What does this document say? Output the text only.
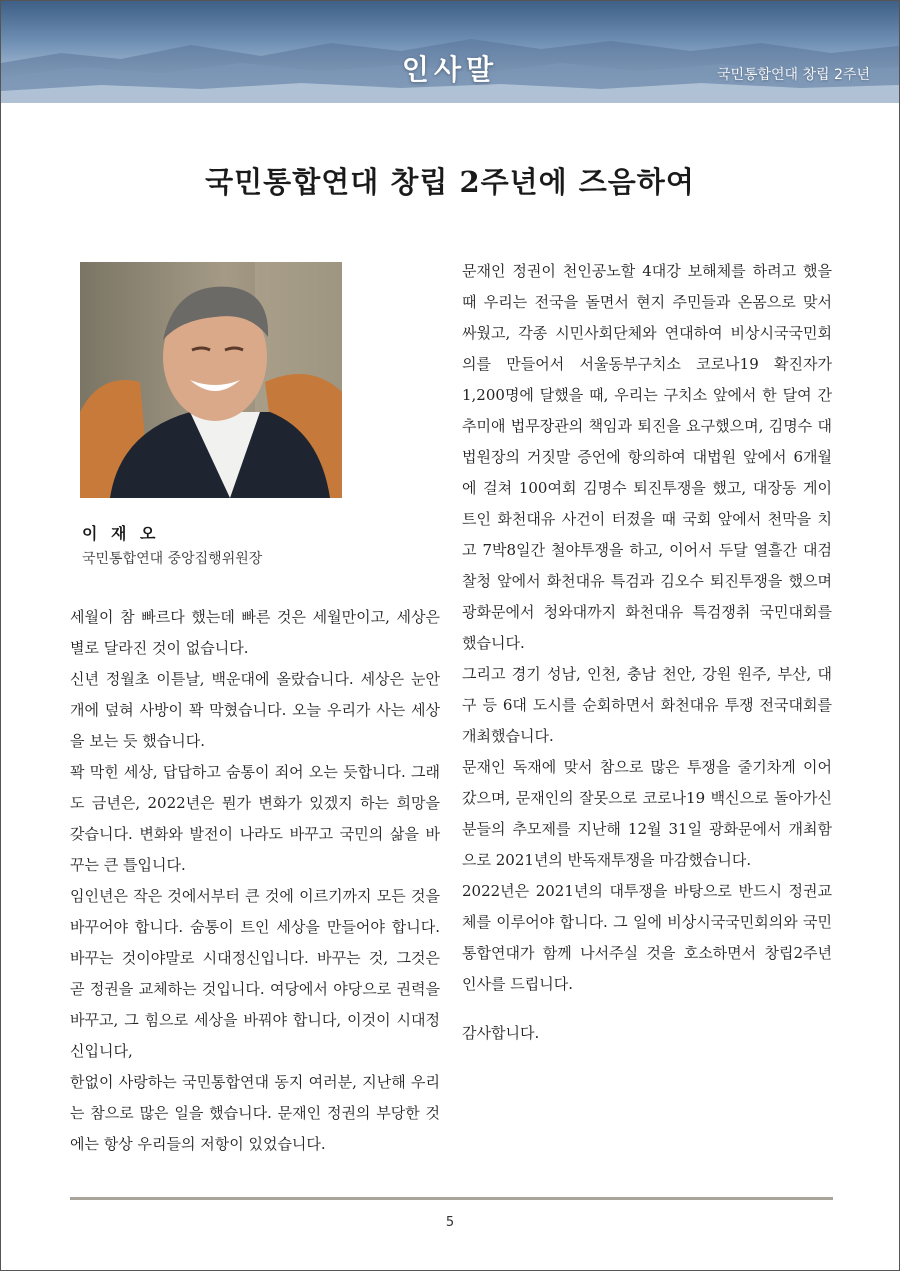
인사말	국민통합연대 창립 2주년
국민통합연대 창립 2주년에 즈음하여
이 재 오
국민통합연대 중앙집행위원장

세월이 참 빠르다 했는데 빠른 것은 세월만이고, 세상은 별로 달라진 것이 없습니다.

신년 정월초 이튿날, 백운대에 올랐습니다. 세상은 눈안개에 덮혀 사방이 꽉 막혔습니다. 오늘 우리가 사는 세상을 보는 듯 했습니다.

꽉 막힌 세상, 답답하고 숨통이 죄어 오는 듯합니다. 그래도 금년은, 2022년은 뭔가 변화가 있겠지 하는 희망을 갖습니다. 변화와 발전이 나라도 바꾸고 국민의 삶을 바꾸는 큰 틀입니다.

임인년은 작은 것에서부터 큰 것에 이르기까지 모든 것을 바꾸어야 합니다. 숨통이 트인 세상을 만들어야 합니다. 바꾸는 것이야말로 시대정신입니다. 바꾸는 것, 그것은 곧 정권을 교체하는 것입니다. 여당에서 야당으로 권력을 바꾸고, 그 힘으로 세상을 바꿔야 합니다, 이것이 시대정신입니다,

한없이 사랑하는 국민통합연대 동지 여러분, 지난해 우리는 참으로 많은 일을 했습니다. 문재인 정권의 부당한 것에는 항상 우리들의 저항이 있었습니다.

문재인 정권이 천인공노할 4대강 보해체를 하려고 했을 때 우리는 전국을 돌면서 현지 주민들과 온몸으로 맞서 싸웠고, 각종 시민사회단체와 연대하여 비상시국국민회의를 만들어서 서울동부구치소 코로나19 확진자가 1,200명에 달했을 때, 우리는 구치소 앞에서 한 달여 간 추미애 법무장관의 책임과 퇴진을 요구했으며, 김명수 대법원장의 거짓말 증언에 항의하여 대법원 앞에서 6개월에 걸쳐 100여회 김명수 퇴진투쟁을 했고, 대장동 게이트인 화천대유 사건이 터졌을 때 국회 앞에서 천막을 치고 7박8일간 철야투쟁을 하고, 이어서 두달 열흘간 대검찰청 앞에서 화천대유 특검과 김오수 퇴진투쟁을 했으며 광화문에서 청와대까지 화천대유 특검쟁취 국민대회를 했습니다.

그리고 경기 성남, 인천, 충남 천안, 강원 원주, 부산, 대구 등 6대 도시를 순회하면서 화천대유 투쟁 전국대회를 개최했습니다.

문재인 독재에 맞서 참으로 많은 투쟁을 줄기차게 이어 갔으며, 문재인의 잘못으로 코로나19 백신으로 돌아가신 분들의 추모제를 지난해 12월 31일 광화문에서 개최함으로 2021년의 반독재투쟁을 마감했습니다.

2022년은 2021년의 대투쟁을 바탕으로 반드시 정권교체를 이루어야 합니다. 그 일에 비상시국국민회의와 국민통합연대가 함께 나서주실 것을 호소하면서 창립2주년 인사를 드립니다.

감사합니다.

5
